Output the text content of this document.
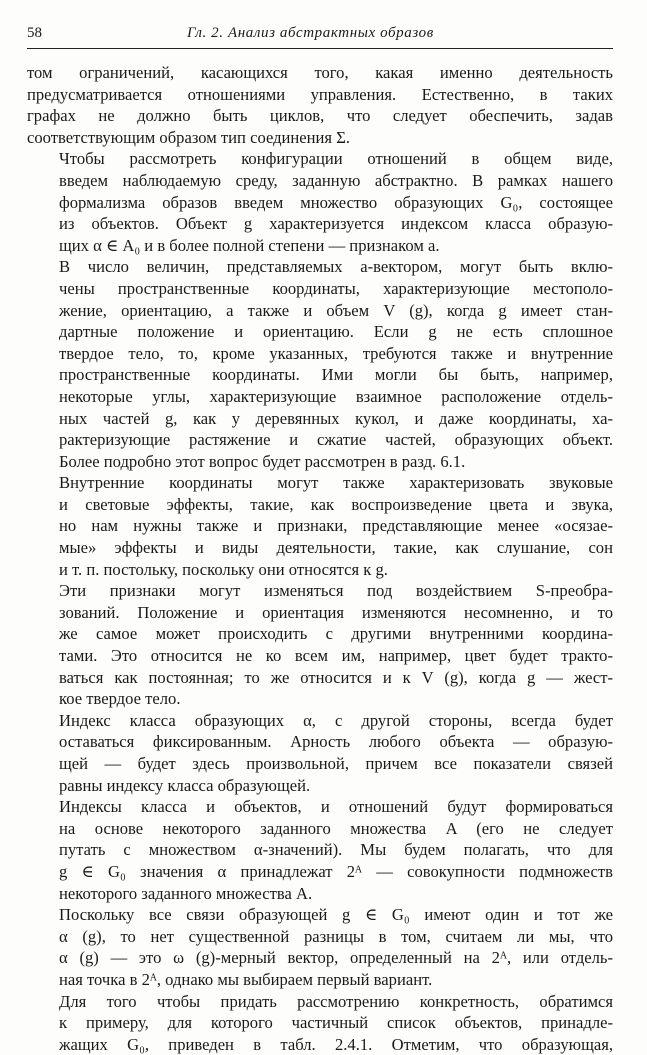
58	Гл. 2. Анализ абстрактных образов

том ограничений, касающихся того, какая именно деятельность
предусматривается отношениями управления. Естественно, в таких
графах не должно быть циклов, что следует обеспечить, задав
соответствующим образом тип соединения Σ.

Чтобы рассмотреть конфигурации отношений в общем виде,
введем наблюдаемую среду, заданную абстрактно. В рамках нашего
формализма образов введем множество образующих G₀, состоящее
из объектов. Объект g характеризуется индексом класса образую-
щих α ∈ A₀ и в более полной степени — признаком a.

В число величин, представляемых a-вектором, могут быть вклю-
чены пространственные координаты, характеризующие местополо-
жение, ориентацию, а также и объем V (g), когда g имеет стан-
дартные положение и ориентацию. Если g не есть сплошное
твердое тело, то, кроме указанных, требуются также и внутренние
пространственные координаты. Ими могли бы быть, например,
некоторые углы, характеризующие взаимное расположение отдель-
ных частей g, как у деревянных кукол, и даже координаты, ха-
рактеризующие растяжение и сжатие частей, образующих объект.
Более подробно этот вопрос будет рассмотрен в разд. 6.1.

Внутренние координаты могут также характеризовать звуковые
и световые эффекты, такие, как воспроизведение цвета и звука,
но нам нужны также и признаки, представляющие менее «осязае-
мые» эффекты и виды деятельности, такие, как слушание, сон
и т. п. постольку, поскольку они относятся к g.

Эти признаки могут изменяться под воздействием S-преобра-
зований. Положение и ориентация изменяются несомненно, и то
же самое может происходить с другими внутренними координа-
тами. Это относится не ко всем им, например, цвет будет тракто-
ваться как постоянная; то же относится и к V (g), когда g — жест-
кое твердое тело.

Индекс класса образующих α, с другой стороны, всегда будет
оставаться фиксированным. Арность любого объекта — образую-
щей — будет здесь произвольной, причем все показатели связей
равны индексу класса образующей.

Индексы класса и объектов, и отношений будут формироваться
на основе некоторого заданного множества A (его не следует
путать с множеством α-значений). Мы будем полагать, что для
g ∈ G₀ значения α принадлежат 2ᴬ — совокупности подмножеств
некоторого заданного множества A.

Поскольку все связи образующей g ∈ G₀ имеют один и тот же
α (g), то нет существенной разницы в том, считаем ли мы, что
α (g) — это ω (g)-мерный вектор, определенный на 2ᴬ, или отдель-
ная точка в 2ᴬ, однако мы выбираем первый вариант.

Для того чтобы придать рассмотрению конкретность, обратимся
к примеру, для которого частичный список объектов, принадле-
жащих G₀, приведен в табл. 2.4.1. Отметим, что образующая,
